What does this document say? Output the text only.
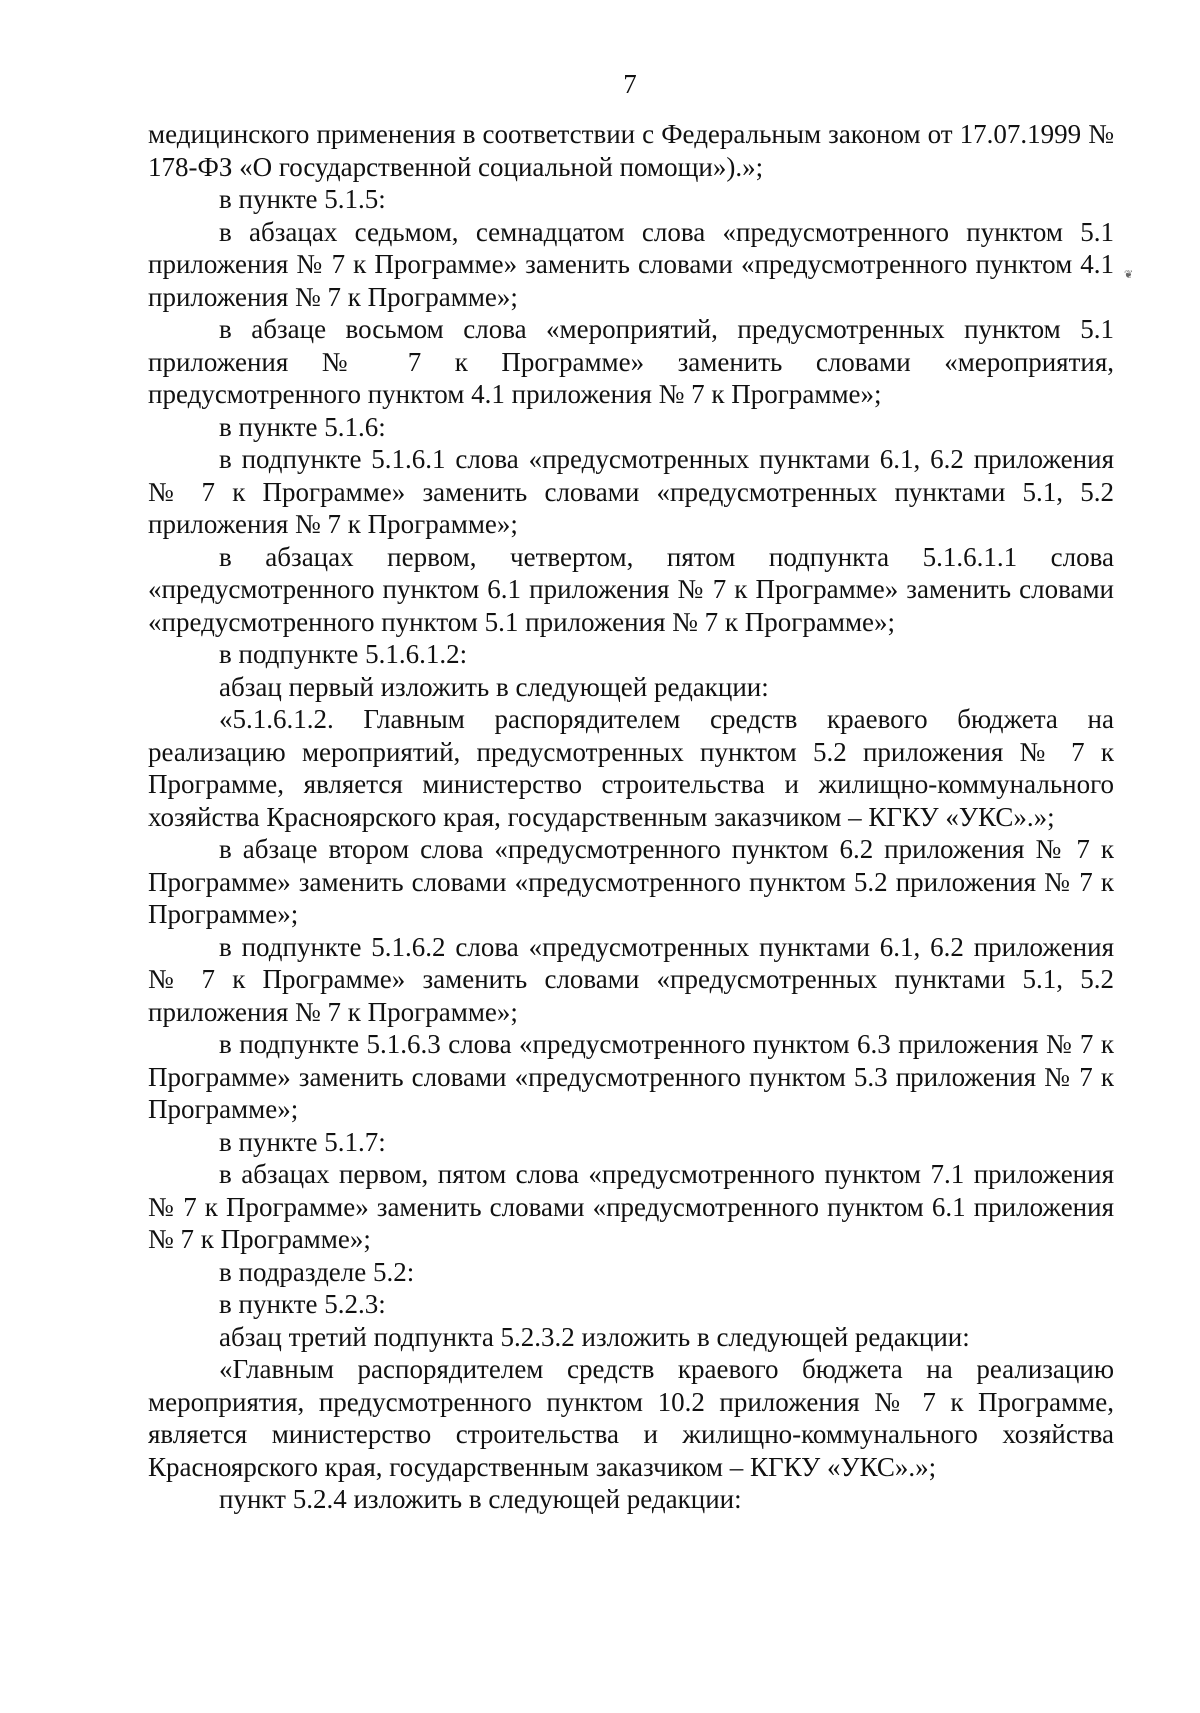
7
❦

медицинского применения в соответствии с Федеральным законом от 17.07.1999 № 178-ФЗ «О государственной социальной помощи»).»;

в пункте 5.1.5:

в абзацах седьмом, семнадцатом слова «предусмотренного пунктом 5.1 приложения № 7 к Программе» заменить словами «предусмотренного пунктом 4.1 приложения № 7 к Программе»;

в абзаце восьмом слова «мероприятий, предусмотренных пунктом 5.1 приложения № 7 к Программе» заменить словами «мероприятия, предусмотренного пунктом 4.1 приложения № 7 к Программе»;

в пункте 5.1.6:

в подпункте 5.1.6.1 слова «предусмотренных пунктами 6.1, 6.2 приложения № 7 к Программе» заменить словами «предусмотренных пунктами 5.1, 5.2 приложения № 7 к Программе»;

в абзацах первом, четвертом, пятом подпункта 5.1.6.1.1 слова «предусмотренного пунктом 6.1 приложения № 7 к Программе» заменить словами «предусмотренного пунктом 5.1 приложения № 7 к Программе»;

в подпункте 5.1.6.1.2:

абзац первый изложить в следующей редакции:

«5.1.6.1.2. Главным распорядителем средств краевого бюджета на реализацию мероприятий, предусмотренных пунктом 5.2 приложения № 7 к Программе, является министерство строительства и жилищно-коммунального хозяйства Красноярского края, государственным заказчиком – КГКУ «УКС».»;

в абзаце втором слова «предусмотренного пунктом 6.2 приложения № 7 к Программе» заменить словами «предусмотренного пунктом 5.2 приложения № 7 к Программе»;

в подпункте 5.1.6.2 слова «предусмотренных пунктами 6.1, 6.2 приложения № 7 к Программе» заменить словами «предусмотренных пунктами 5.1, 5.2 приложения № 7 к Программе»;

в подпункте 5.1.6.3 слова «предусмотренного пунктом 6.3 приложения № 7 к Программе» заменить словами «предусмотренного пунктом 5.3 приложения № 7 к Программе»;

в пункте 5.1.7:

в абзацах первом, пятом слова «предусмотренного пунктом 7.1 приложения № 7 к Программе» заменить словами «предусмотренного пунктом 6.1 приложения № 7 к Программе»;

в подразделе 5.2:

в пункте 5.2.3:

абзац третий подпункта 5.2.3.2 изложить в следующей редакции:

«Главным распорядителем средств краевого бюджета на реализацию мероприятия, предусмотренного пунктом 10.2 приложения № 7 к Программе, является министерство строительства и жилищно-коммунального хозяйства Красноярского края, государственным заказчиком – КГКУ «УКС».»;

пункт 5.2.4 изложить в следующей редакции:
